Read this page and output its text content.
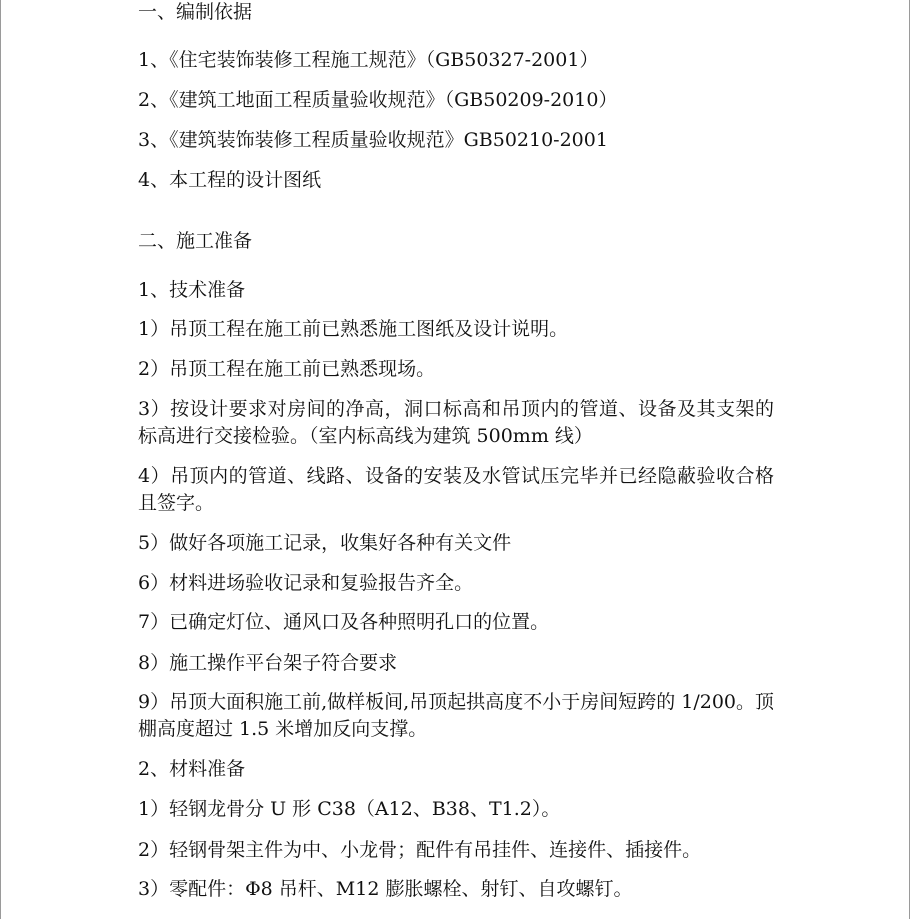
一、编制依据
1、《住宅装饰装修工程施工规范》（GB50327-2001）
2、《建筑工地面工程质量验收规范》（GB50209-2010）
3、《建筑装饰装修工程质量验收规范》GB50210-2001
4、本工程的设计图纸
二、施工准备
1、技术准备
1）吊顶工程在施工前已熟悉施工图纸及设计说明。
2）吊顶工程在施工前已熟悉现场。
3）按设计要求对房间的净高，洞口标高和吊顶内的管道、设备及其支架的标高进行交接检验。（室内标高线为建筑 500mm 线）
4）吊顶内的管道、线路、设备的安装及水管试压完毕并已经隐蔽验收合格且签字。
5）做好各项施工记录，收集好各种有关文件
6）材料进场验收记录和复验报告齐全。
7）已确定灯位、通风口及各种照明孔口的位置。
8）施工操作平台架子符合要求
9）吊顶大面积施工前,做样板间,吊顶起拱高度不小于房间短跨的 1/200。顶棚高度超过 1.5 米增加反向支撑。
2、材料准备
1）轻钢龙骨分 U 形 C38（A12、B38、T1.2）。
2）轻钢骨架主件为中、小龙骨；配件有吊挂件、连接件、插接件。
3）零配件：Φ8 吊杆、M12 膨胀螺栓、射钉、自攻螺钉。
